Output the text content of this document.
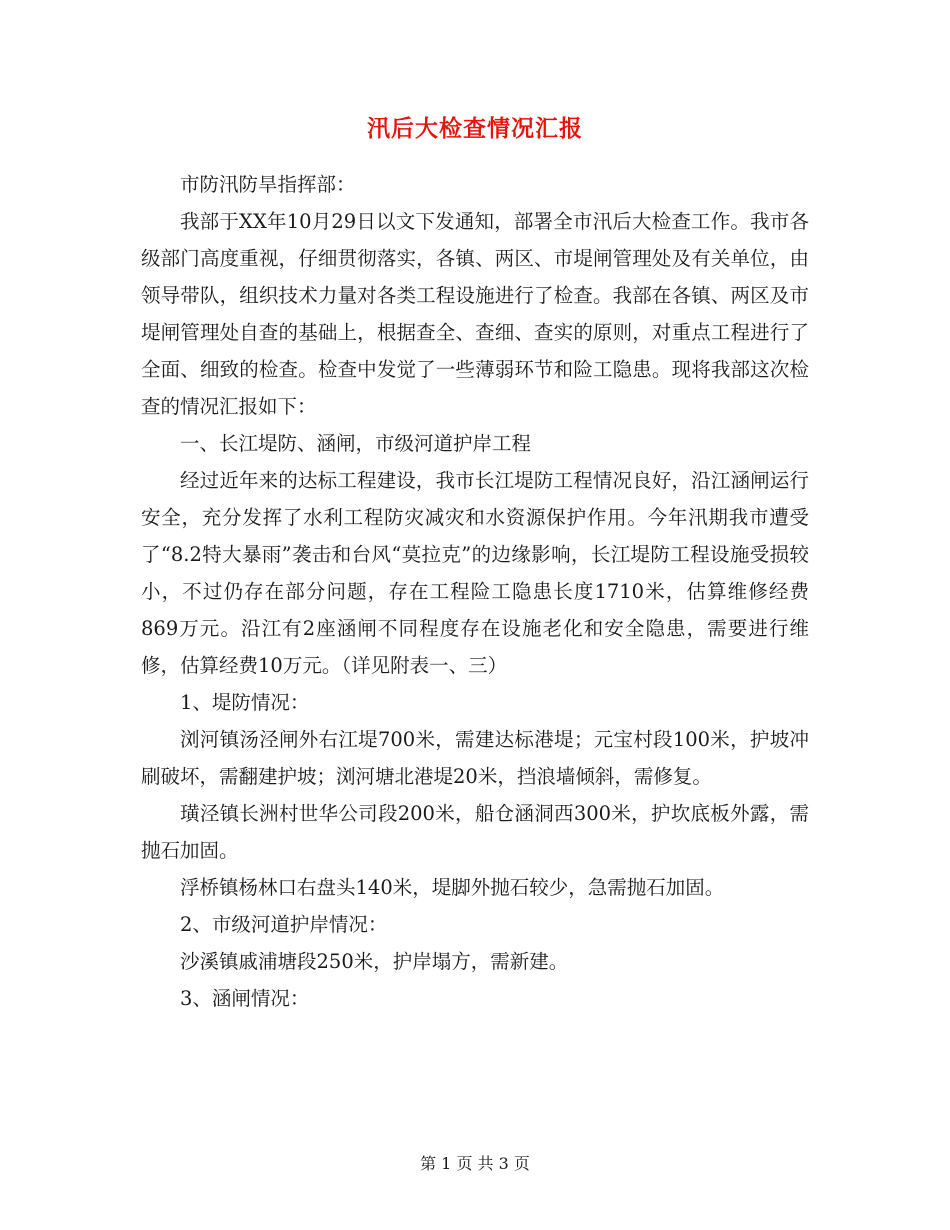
汛后大检查情况汇报

市防汛防旱指挥部：

我部于XX年10月29日以文下发通知，部署全市汛后大检查工作。我市各级部门高度重视，仔细贯彻落实，各镇、两区、市堤闸管理处及有关单位，由领导带队，组织技术力量对各类工程设施进行了检查。我部在各镇、两区及市堤闸管理处自查的基础上，根据查全、查细、查实的原则，对重点工程进行了全面、细致的检查。检查中发觉了一些薄弱环节和险工隐患。现将我部这次检查的情况汇报如下：

一、长江堤防、涵闸，市级河道护岸工程

经过近年来的达标工程建设，我市长江堤防工程情况良好，沿江涵闸运行安全，充分发挥了水利工程防灾减灾和水资源保护作用。今年汛期我市遭受了“8.2特大暴雨”袭击和台风“莫拉克”的边缘影响，长江堤防工程设施受损较小，不过仍存在部分问题，存在工程险工隐患长度1710米，估算维修经费869万元。沿江有2座涵闸不同程度存在设施老化和安全隐患，需要进行维修，估算经费10万元。（详见附表一、三）

1、堤防情况：

浏河镇汤泾闸外右江堤700米，需建达标港堤；元宝村段100米，护坡冲刷破坏，需翻建护坡；浏河塘北港堤20米，挡浪墙倾斜，需修复。

璜泾镇长洲村世华公司段200米，船仓涵洞西300米，护坎底板外露，需抛石加固。

浮桥镇杨林口右盘头140米，堤脚外抛石较少，急需抛石加固。

2、市级河道护岸情况：

沙溪镇戚浦塘段250米，护岸塌方，需新建。

3、涵闸情况：

第 1 页 共 3 页
